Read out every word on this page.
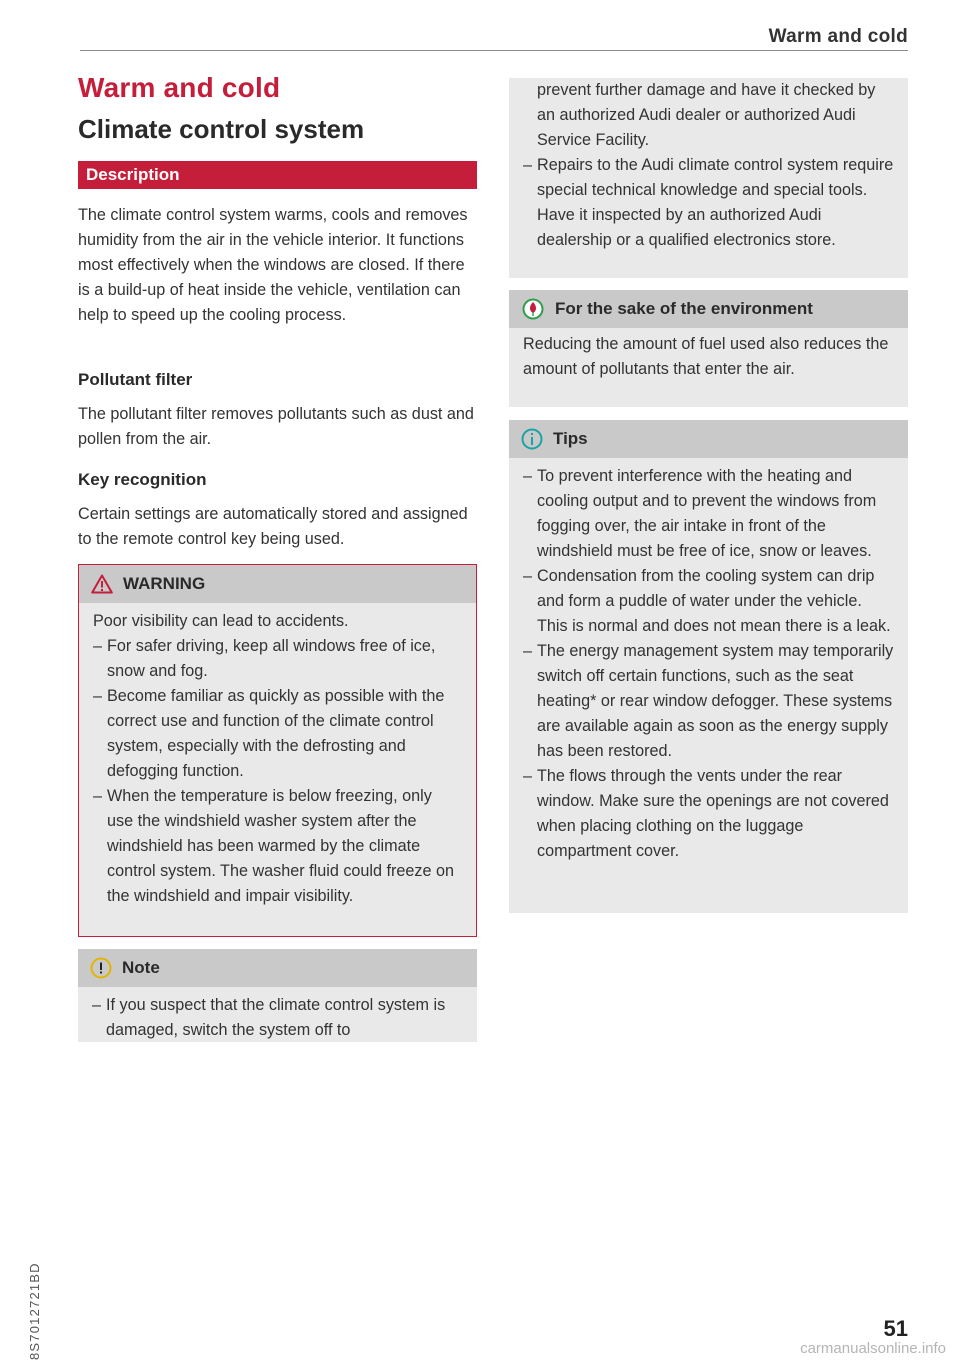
Warm and cold
Warm and cold
Climate control system
Description

The climate control system warms, cools and removes humidity from the air in the vehicle interior. It functions most effectively when the windows are closed. If there is a build-up of heat inside the vehicle, ventilation can help to speed up the cooling process.

Pollutant filter

The pollutant filter removes pollutants such as dust and pollen from the air.

Key recognition

Certain settings are automatically stored and assigned to the remote control key being used.

WARNING

Poor visibility can lead to accidents.

– For safer driving, keep all windows free of ice, snow and fog.
– Become familiar as quickly as possible with the correct use and function of the climate control system, especially with the defrosting and defogging function.
– When the temperature is below freezing, only use the windshield washer system after the windshield has been warmed by the climate control system. The washer fluid could freeze on the windshield and impair visibility.
Note
– If you suspect that the climate control system is damaged, switch the system off to

prevent further damage and have it checked by an authorized Audi dealer or authorized Audi Service Facility.

– Repairs to the Audi climate control system require special technical knowledge and special tools. Have it inspected by an authorized Audi dealership or a qualified electronics store.
For the sake of the environment

Reducing the amount of fuel used also reduces the amount of pollutants that enter the air.

Tips
– To prevent interference with the heating and cooling output and to prevent the windows from fogging over, the air intake in front of the windshield must be free of ice, snow or leaves.
– Condensation from the cooling system can drip and form a puddle of water under the vehicle. This is normal and does not mean there is a leak.
– The energy management system may temporarily switch off certain functions, such as the seat heating* or rear window defogger. These systems are available again as soon as the energy supply has been restored.
– The flows through the vents under the rear window. Make sure the openings are not covered when placing clothing on the luggage compartment cover.
8S7012721BD	51
carmanualsonline.info
